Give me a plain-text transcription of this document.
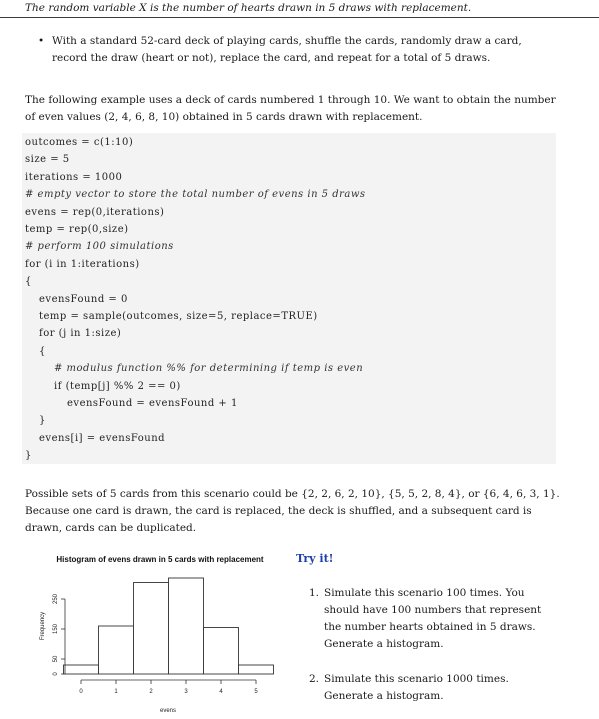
The random variable X is the number of hearts drawn in 5 draws with replacement.
• With a standard 52-card deck of playing cards, shuffle the cards, randomly draw a card, record the draw (heart or not), replace the card, and repeat for a total of 5 draws.
The following example uses a deck of cards numbered 1 through 10. We want to obtain the number of even values (2, 4, 6, 8, 10) obtained in 5 cards drawn with replacement.
outcomes = c(1:10)
size = 5
iterations = 1000
# empty vector to store the total number of evens in 5 draws
evens = rep(0,iterations)
temp = rep(0,size)
# perform 100 simulations
for (i in 1:iterations)
{
evensFound = 0
temp = sample(outcomes, size=5, replace=TRUE)
for (j in 1:size)
{
# modulus function %% for determining if temp is even
if (temp[j] %% 2 == 0)
evensFound = evensFound + 1
}
evens[i] = evensFound
}
Possible sets of 5 cards from this scenario could be {2, 2, 6, 2, 10}, {5, 5, 2, 8, 4}, or {6, 4, 6, 3, 1}. Because one card is drawn, the card is replaced, the deck is shuffled, and a subsequent card is drawn, cards can be duplicated.
Histogram of evens drawn in 5 cards with replacement
0	1	2	3	4	5
evens
0
50
150
250
Frequency
Try it!
1. Simulate this scenario 100 times. You should have 100 numbers that represent the number hearts obtained in 5 draws. Generate a histogram.
2. Simulate this scenario 1000 times. Generate a histogram.
